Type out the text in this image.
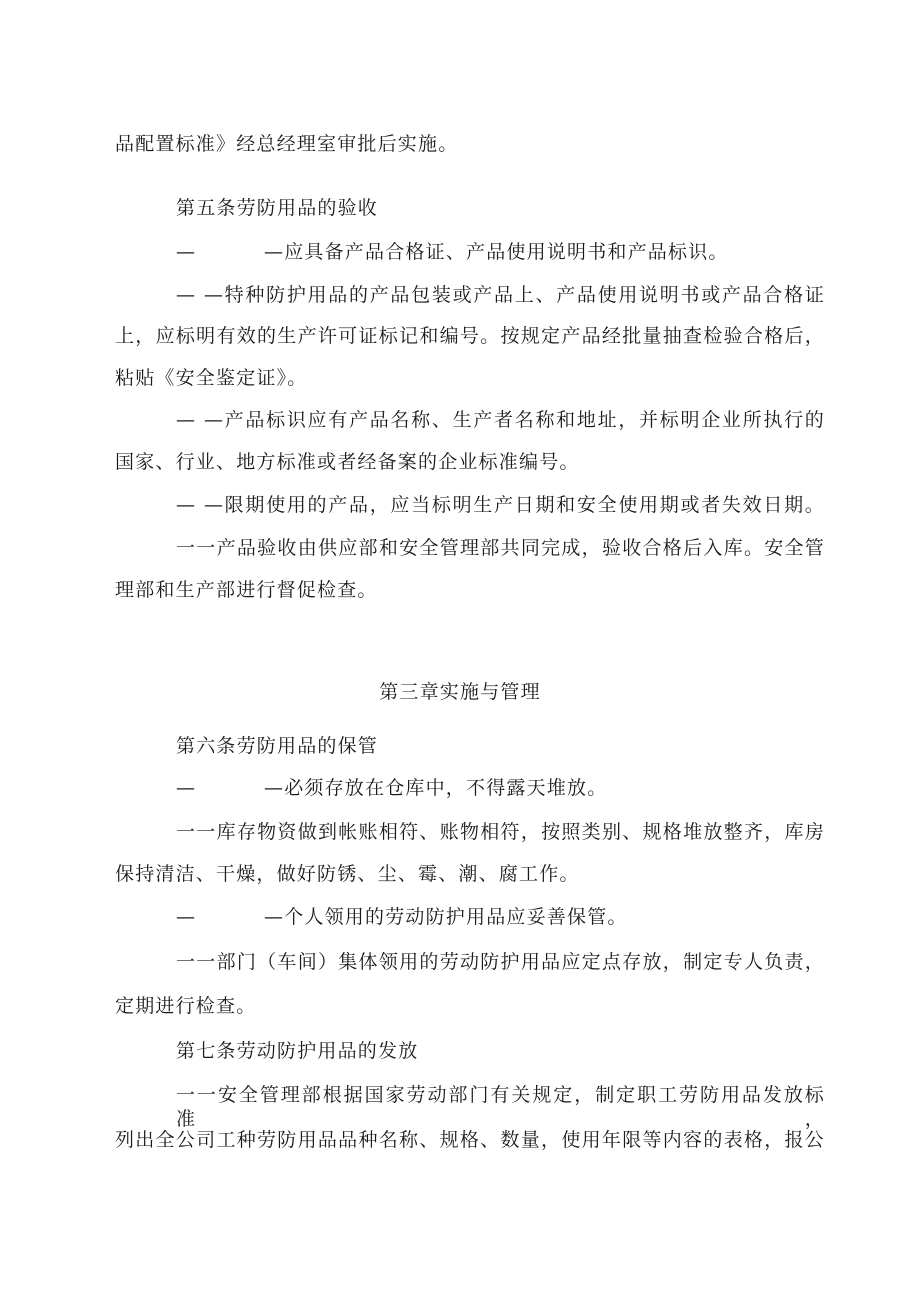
品配置标准》经总经理室审批后实施。
第五条劳防用品的验收
—	—应具备产品合格证、产品使用说明书和产品标识。
— —特种防护用品的产品包装或产品上、产品使用说明书或产品合格证
上，应标明有效的生产许可证标记和编号。按规定产品经批量抽查检验合格后，
粘贴《安全鉴定证》。
— —产品标识应有产品名称、生产者名称和地址，并标明企业所执行的
国家、行业、地方标准或者经备案的企业标准编号。
— —限期使用的产品，应当标明生产日期和安全使用期或者失效日期。
一一产品验收由供应部和安全管理部共同完成，验收合格后入库。安全管
理部和生产部进行督促检查。
第三章实施与管理
第六条劳防用品的保管
—	—必须存放在仓库中，不得露天堆放。
一一库存物资做到帐账相符、账物相符，按照类别、规格堆放整齐，库房
保持清洁、干燥，做好防锈、尘、霉、潮、腐工作。
—	—个人领用的劳动防护用品应妥善保管。
一一部门（车间）集体领用的劳动防护用品应定点存放，制定专人负责，
定期进行检查。
第七条劳动防护用品的发放
一一安全管理部根据国家劳动部门有关规定，制定职工劳防用品发放标准，
列出全公司工种劳防用品品种名称、规格、数量，使用年限等内容的表格，报公
